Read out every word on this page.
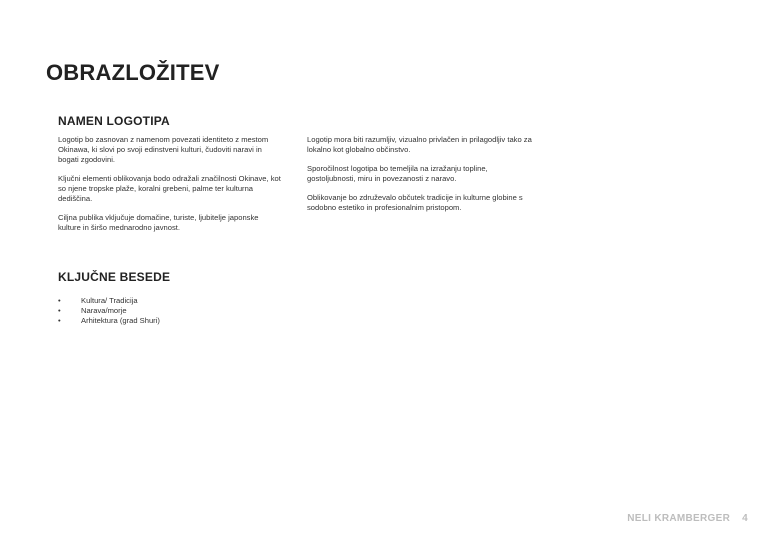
OBRAZLOŽITEV
NAMEN LOGOTIPA

Logotip bo zasnovan z namenom povezati identiteto z mestom Okinawa, ki slovi po svoji edinstveni kulturi, čudoviti naravi in bogati zgodovini.

Ključni elementi oblikovanja bodo odražali značilnosti Okinave, kot so njene tropske plaže, koralni grebeni, palme ter kulturna dediščina.

Ciljna publika vključuje domačine, turiste, ljubitelje japonske kulture in širšo mednarodno javnost.

Logotip mora biti razumljiv, vizualno privlačen in prilagodljiv tako za lokalno kot globalno občinstvo.

Sporočilnost logotipa bo temeljila na izražanju topline, gostoljubnosti, miru in povezanosti z naravo.

Oblikovanje bo združevalo občutek tradicije in kulturne globine s sodobno estetiko in profesionalnim pristopom.

KLJUČNE BESEDE
•	Kultura/ Tradicija
•	Narava/morje
•	Arhitektura (grad Shuri)
NELI KRAMBERGER 4
